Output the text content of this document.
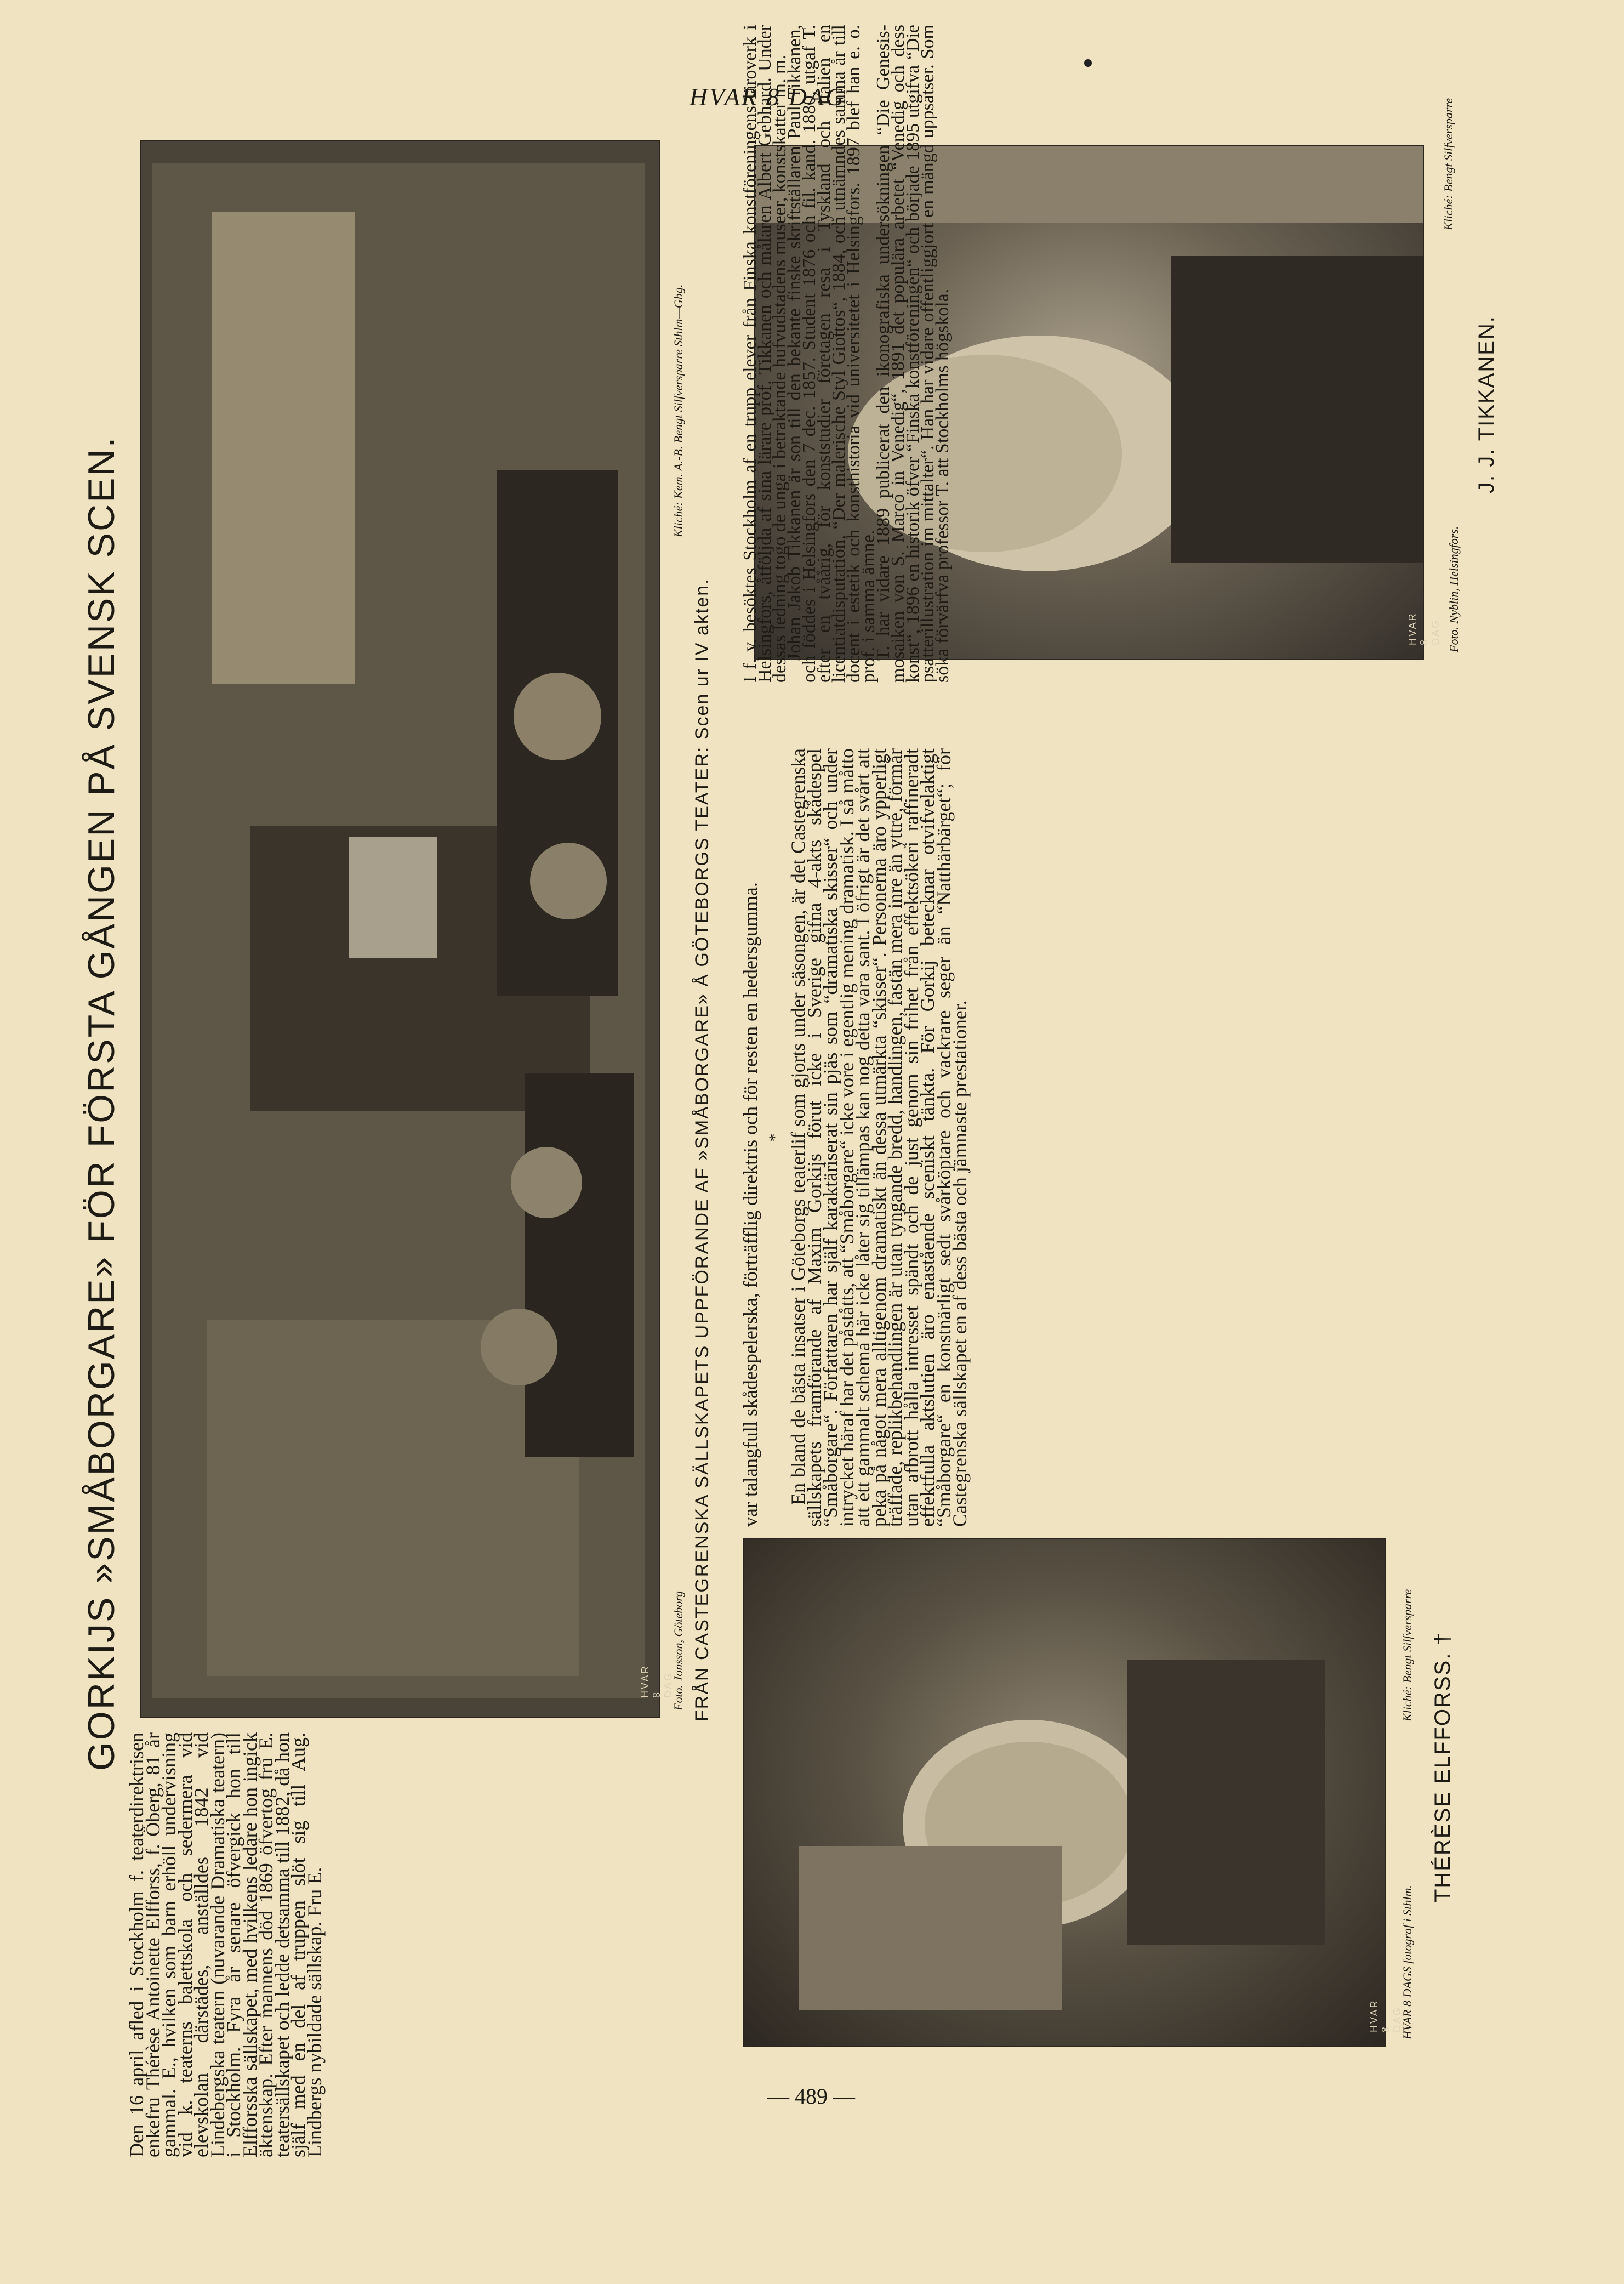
HVAR 8 DAG
GORKIJS »SMÅBORGARE» FÖR FÖRSTA GÅNGEN PÅ SVENSK SCEN.	HVAR 8 DAG
Foto. Jonsson, Göteborg
Kliché: Kem. A.-B. Bengt Silfversparre Sthlm—Gbg.
FRÅN CASTEGRENSKA SÄLLSKAPETS UPPFÖRANDE AF »SMÅBORGARE» Å GÖTEBORGS TEATER: Scen ur IV akten.
HVAR 8 DAG
HVAR 8 DAGS fotograf i Sthlm.
Kliché: Bengt Silfversparre THÉRÈSE ELFFORSS. †
HVAR 8 DAG Foto. Nyblin, Helsingfors.
Kliché: Bengt Silfversparre
J. J. TIKKANEN.

Den 16 april afled i Stockholm f. teaterdirektrisen enkefru Thérèse Antoinette Elfforss, f. Öberg, 81 år gammal. E., hvilken som barn erhöll undervisning vid k. teaterns balettskola och sedermera vid elevskolan därstädes, anställdes 1842 vid Lindebergska teatern (nuvarande Dramatiska teatern) i Stockholm. Fyra år senare öfvergick hon till Elfforsska sällskapet, med hvilkens ledare hon ingick äktenskap. Efter mannens död 1869 öfvertog fru E. teatersällskapet och ledde detsamma till 1882, då hon själf med en del af truppen slöt sig till Aug. Lindbergs nybildade sällskap. Fru E.

var talangfull skådespelerska, förträfflig direktris och för resten en hedersgumma. * En bland de bästa insatser i Göteborgs teaterlif som gjorts under säsongen, är det Castegrenska sällskapets framförande af Maxim Gorkijs förut icke i Sverige gifna 4-akts skådespel “Småborgare“. Författaren har själf karaktäriserat sin pjäs som “dramatiska skisser“ och under intrycket häraf har det påståtts, att “Småborgare“ icke vore i egentlig mening dramatisk. I så måtto att ett gammalt schema här icke låter sig tillämpas kan nog detta vara sant. I öfrigt är det svårt att peka på något mera alltigenom dramatiskt än dessa utmärkta “skisser“. Personerna äro ypperligt träffade, replikbehandlingen är utan tyngande bredd, handlingen, fastän mera inre än yttre, förmår utan afbrott hålla intresset spändt och de just genom sin frihet från effektsökeri raffineradt effektfulla aktslutien äro enastående sceniskt tänkta. För Gorkij betecknar otvifvelaktigt “Småborgare“ en konstnärligt sedt svårköptare och vackrare seger än “Natthärbärget“; för Castegrenska sällskapet en af dess bästa och jämnaste prestationer.

I f. v. besöktes Stockholm af en trupp elever från Finska konstföreningens läroverk i Helsingfors, åtföljda af sina lärare prof. Tikkanen och målaren Albert Gebhard. Under dessas ledning togo de unga i betraktande hufvudstadens museer, konstskatter m. m.

Johan Jakob Tikkanen är son till den bekante finske skriftställaren Paul Tikkanen, och föddes i Helsingfors den 7 dec. 1857. Student 1876 och fil. kand. 1880, utgaf T. efter en tvåårig, för konststudier företagen resa i Tyskland och Italien en licentiatdisputation, “Der malerische Styl Giottos“, 1884, och utnämndes samma år till docent i estetik och konsthistoria vid universitetet i Helsingfors. 1897 blef han e. o. prof. i samma ämne.

T. har vidare 1889 publicerat den ikonografiska undersökningen “Die Genesis-mosaiken von S. Marco in Venedig“, 1891 det populära arbetet “Venedig och dess konst“, 1896 en historik öfver “Finska konstföreningen“ och började 1895 utgifva “Die psatterillustration im mittalter“. Han har vidare offentliggjort en mängd uppsatser. Som söka förvärfva professor T. att Stockholms högskola.

— 489 —
